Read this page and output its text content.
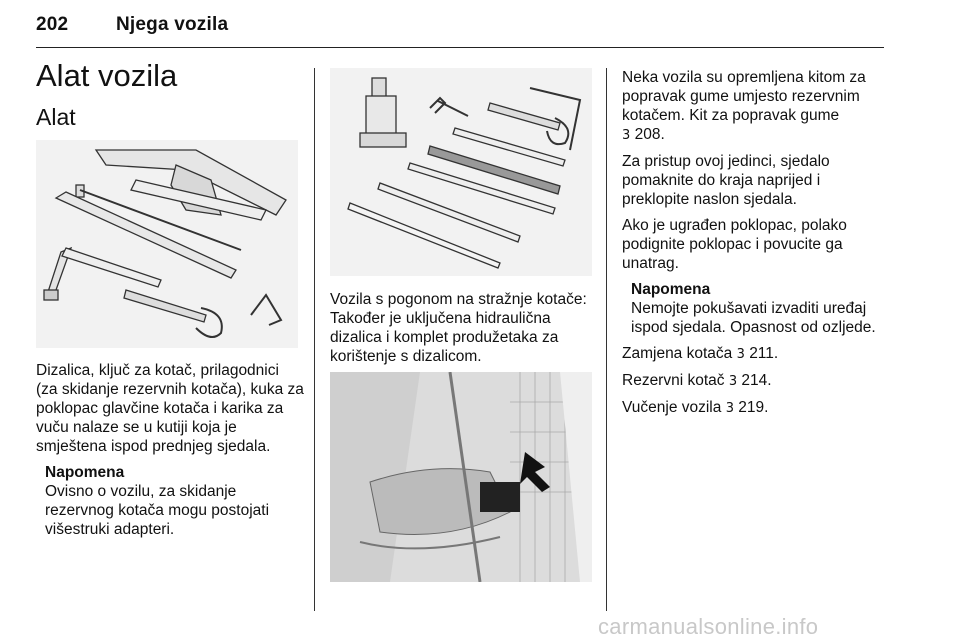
202	Njega vozila
Alat vozila
Alat

Dizalica, ključ za kotač, prilagodnici (za skidanje rezervnih kotača), kuka za poklopac glavčine kotača i karika za vuču nalaze se u kutiji koja je smještena ispod prednjeg sjedala.

Napomena
Ovisno o vozilu, za skidanje rezervnog kotača mogu postojati višestruki adapteri.

Vozila s pogonom na stražnje kotače: Također je uključena hidraulična dizalica i komplet produžetaka za korištenje s dizalicom.

Neka vozila su opremljena kitom za popravak gume umjesto rezervnim kotačem. Kit za popravak gume
3 208.

Za pristup ovoj jedinci, sjedalo pomaknite do kraja naprijed i preklopite naslon sjedala.

Ako je ugrađen poklopac, polako podignite poklopac i povucite ga unatrag.

Napomena
Nemojte pokušavati izvaditi uređaj ispod sjedala. Opasnost od ozljede.

Zamjena kotača 3 211.

Rezervni kotač 3 214.

Vučenje vozila 3 219.

carmanualsonline.info
